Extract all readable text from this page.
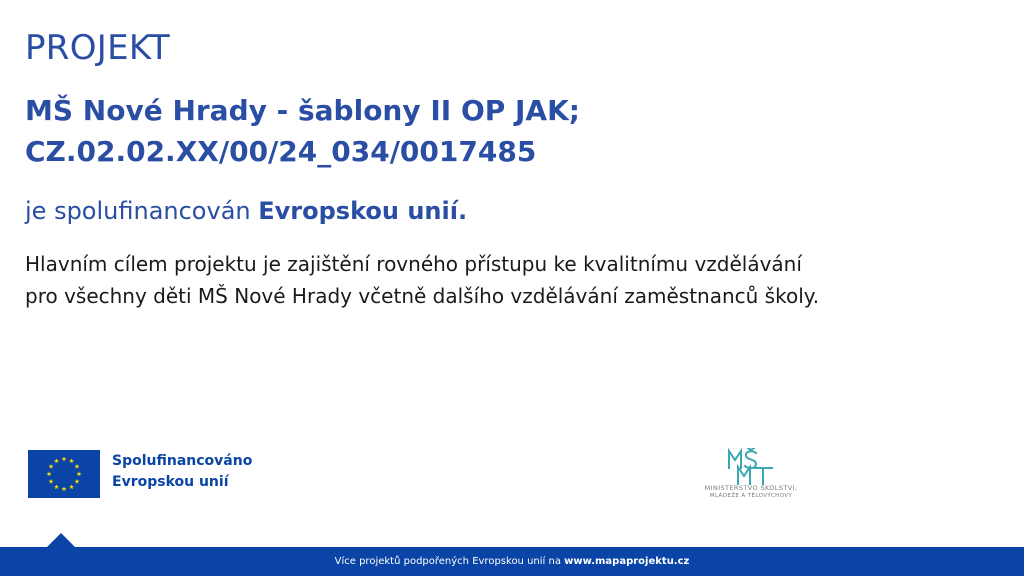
PROJEKT
MŠ Nové Hrady - šablony II OP JAK;
CZ.02.02.XX/00/24_034/0017485

je spolufinancován Evropskou unií.

Hlavním cílem projektu je zajištění rovného přístupu ke kvalitnímu vzdělávání
pro všechny děti MŠ Nové Hrady včetně dalšího vzdělávání zaměstnanců školy.

Spolufinancováno
Evropskou unií	MINISTERSTVO ŠKOLSTVÍ,
MLÁDEŽE A TĚLOVÝCHOVY
Více projektů podpořených Evropskou unií na www.mapaprojektu.cz
